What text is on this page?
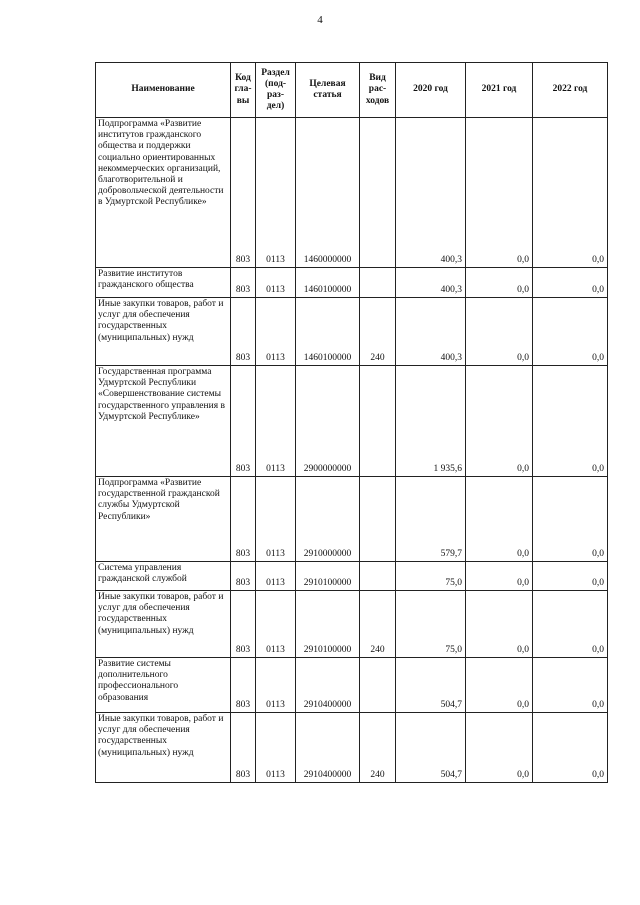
4
Наименование	Код гла- вы	Раздел (под- раз- дел)	Целевая статья	Вид рас- ходов	2020 год	2021 год	2022 год
Подпрограмма «Развитие институтов гражданского общества и поддержки социально ориентированных некоммерческих организаций, благотворительной и добровольческой деятельности в Удмуртской Республике»	803	0113	1460000000		400,3	0,0	0,0
Развитие институтов гражданского общества	803	0113	1460100000		400,3	0,0	0,0
Иные закупки товаров, работ и услуг для обеспечения государственных (муниципальных) нужд	803	0113	1460100000	240	400,3	0,0	0,0
Государственная программа Удмуртской Республики «Совершенствование системы государственного управления в Удмуртской Республике»	803	0113	2900000000		1 935,6	0,0	0,0
Подпрограмма «Развитие государственной гражданской службы Удмуртской Республики»	803	0113	2910000000		579,7	0,0	0,0
Система управления гражданской службой	803	0113	2910100000		75,0	0,0	0,0
Иные закупки товаров, работ и услуг для обеспечения государственных (муниципальных) нужд	803	0113	2910100000	240	75,0	0,0	0,0
Развитие системы дополнительного профессионального образования	803	0113	2910400000		504,7	0,0	0,0
Иные закупки товаров, работ и услуг для обеспечения государственных (муниципальных) нужд	803	0113	2910400000	240	504,7	0,0	0,0
